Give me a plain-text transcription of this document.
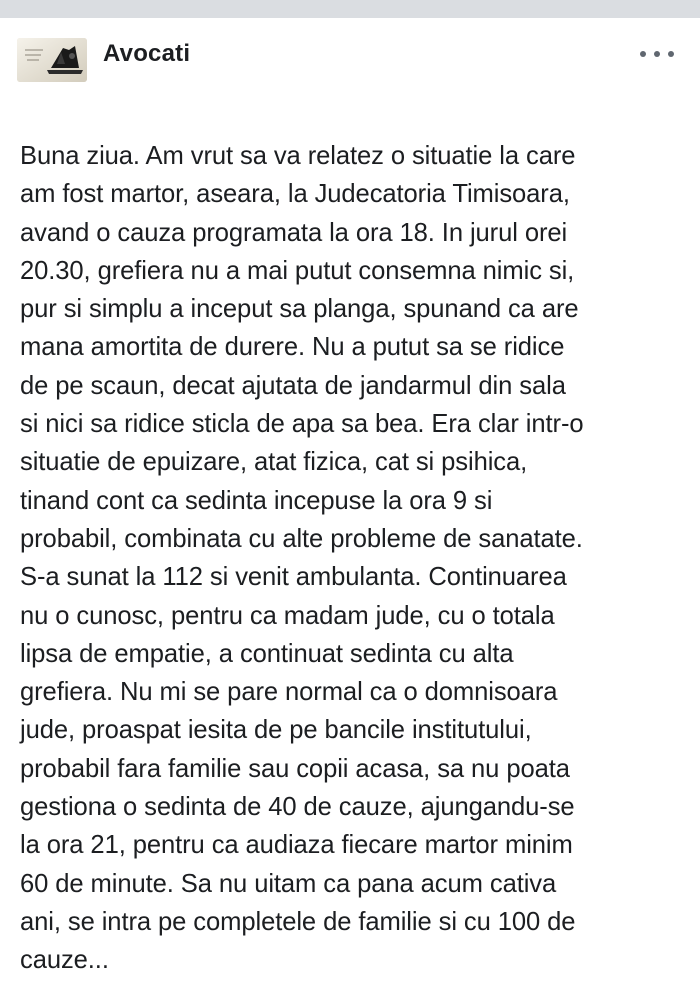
Avocati
Buna ziua. Am vrut sa va relatez o situatie la care
am fost martor, aseara, la Judecatoria Timisoara,
avand o cauza programata la ora 18. In jurul orei
20.30, grefiera nu a mai putut consemna nimic si,
pur si simplu a inceput sa planga, spunand ca are
mana amortita de durere. Nu a putut sa se ridice
de pe scaun, decat ajutata de jandarmul din sala
si nici sa ridice sticla de apa sa bea. Era clar intr-o
situatie de epuizare, atat fizica, cat si psihica,
tinand cont ca sedinta incepuse la ora 9 si
probabil, combinata cu alte probleme de sanatate.
S-a sunat la 112 si venit ambulanta. Continuarea
nu o cunosc, pentru ca madam jude, cu o totala
lipsa de empatie, a continuat sedinta cu alta
grefiera. Nu mi se pare normal ca o domnisoara
jude, proaspat iesita de pe bancile institutului,
probabil fara familie sau copii acasa, sa nu poata
gestiona o sedinta de 40 de cauze, ajungandu-se
la ora 21, pentru ca audiaza fiecare martor minim
60 de minute. Sa nu uitam ca pana acum cativa
ani, se intra pe completele de familie si cu 100 de
cauze...
